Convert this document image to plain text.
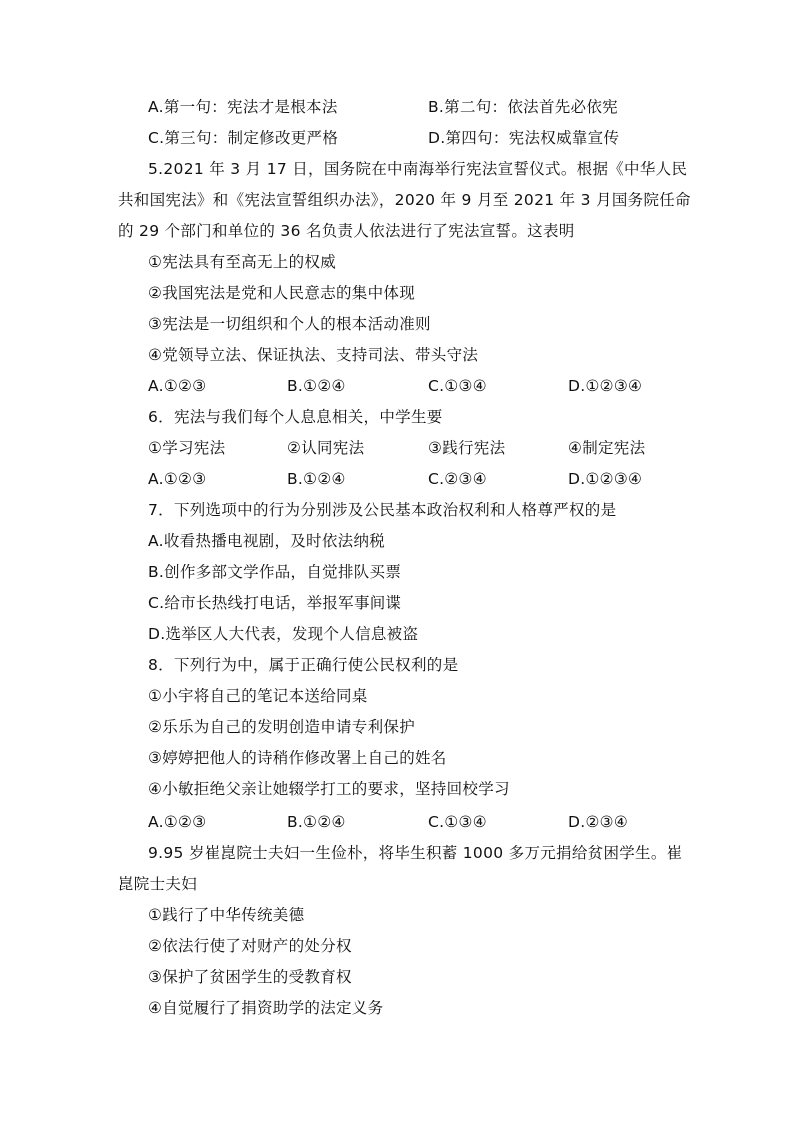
A.第一句：宪法才是根本法	B.第二句：依法首先必依宪
C.第三句：制定修改更严格	D.第四句：宪法权威靠宣传
5.2021 年 3 月 17 日，国务院在中南海举行宪法宣誓仪式。根据《中华人民
共和国宪法》和《宪法宣誓组织办法》，2020 年 9 月至 2021 年 3 月国务院任命
的 29 个部门和单位的 36 名负责人依法进行了宪法宣誓。这表明
①宪法具有至高无上的权威
②我国宪法是党和人民意志的集中体现
③宪法是一切组织和个人的根本活动准则
④党领导立法、保证执法、支持司法、带头守法
A.①②③	B.①②④	C.①③④	D.①②③④
6．宪法与我们每个人息息相关，中学生要
①学习宪法	②认同宪法	③践行宪法	④制定宪法
A.①②③	B.①②④	C.②③④	D.①②③④
7．下列选项中的行为分别涉及公民基本政治权利和人格尊严权的是
A.收看热播电视剧，及时依法纳税
B.创作多部文学作品，自觉排队买票
C.给市长热线打电话，举报军事间谍
D.选举区人大代表，发现个人信息被盗
8．下列行为中，属于正确行使公民权利的是
①小宇将自己的笔记本送给同桌
②乐乐为自己的发明创造申请专利保护
③婷婷把他人的诗稍作修改署上自己的姓名
④小敏拒绝父亲让她辍学打工的要求，坚持回校学习
A.①②③	B.①②④	C.①③④	D.②③④
9.95 岁崔崑院士夫妇一生俭朴，将毕生积蓄 1000 多万元捐给贫困学生。崔
崑院士夫妇
①践行了中华传统美德
②依法行使了对财产的处分权
③保护了贫困学生的受教育权
④自觉履行了捐资助学的法定义务
